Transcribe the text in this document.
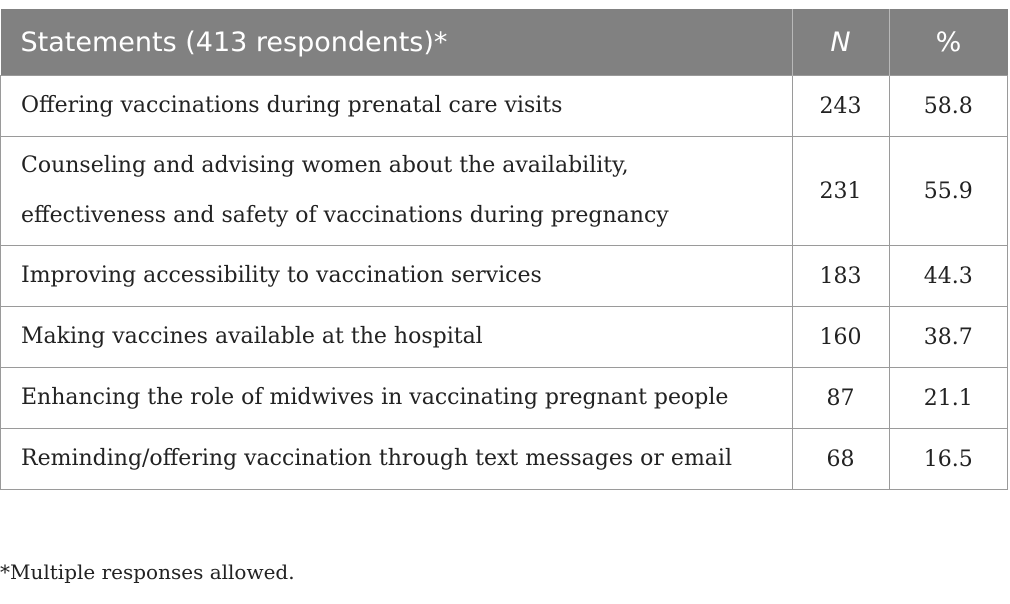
Statements (413 respondents)*	N	%
Offering vaccinations during prenatal care visits	243	58.8
Counseling and advising women about the availability, effectiveness and safety of vaccinations during pregnancy	231	55.9
Improving accessibility to vaccination services	183	44.3
Making vaccines available at the hospital	160	38.7
Enhancing the role of midwives in vaccinating pregnant people	87	21.1
Reminding/offering vaccination through text messages or email	68	16.5
*Multiple responses allowed.
